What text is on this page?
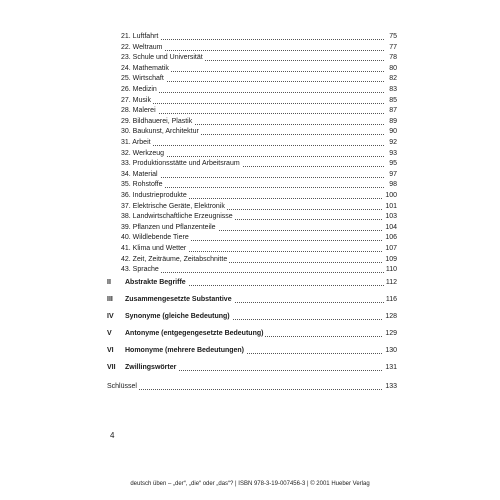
21. Luftfahrt	75
22. Weltraum	77
23. Schule und Universität	78
24. Mathematik	80
25. Wirtschaft	82
26. Medizin	83
27. Musik	85
28. Malerei	87
29. Bildhauerei, Plastik	89
30. Baukunst, Architektur	90
31. Arbeit	92
32. Werkzeug	93
33. Produktionsstätte und Arbeitsraum	95
34. Material	97
35. Rohstoffe	98
36. Industrieprodukte	100
37. Elektrische Geräte, Elektronik	101
38. Landwirtschaftliche Erzeugnisse	103
39. Pflanzen und Pflanzenteile	104
40. Wildlebende Tiere	106
41. Klima und Wetter	107
42. Zeit, Zeiträume, Zeitabschnitte	109
43. Sprache	110
II Abstrakte Begriffe	112
III Zusammengesetzte Substantive	116
IV Synonyme (gleiche Bedeutung)	128
V Antonyme (entgegengesetzte Bedeutung)	129
VI Homonyme (mehrere Bedeutungen)	130
VII Zwillingswörter	131
Schlüssel	133
4
deutsch üben – „der“, „die“ oder „das“? | ISBN 978-3-19-007456-3 | © 2001 Hueber Verlag
